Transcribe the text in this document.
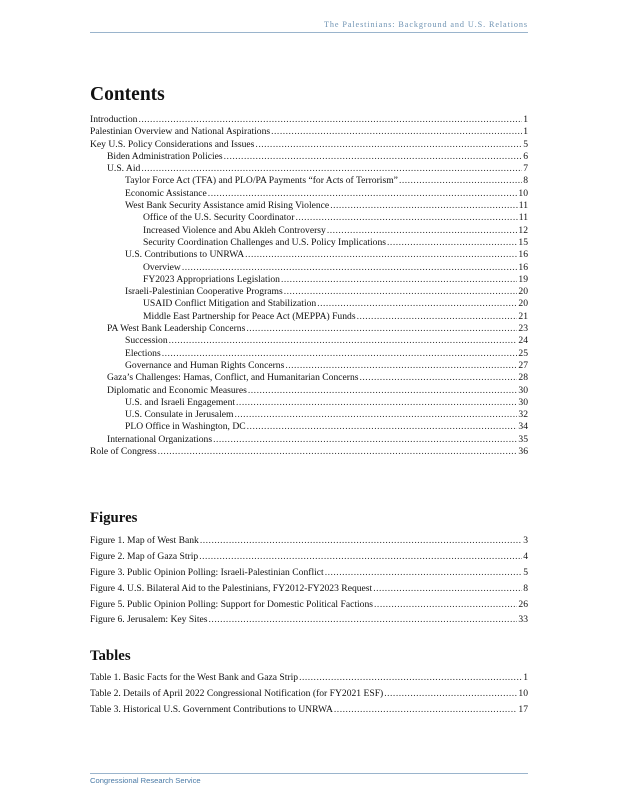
The Palestinians: Background and U.S. Relations
Contents
Introduction .....	1
Palestinian Overview and National Aspirations .....	1
Key U.S. Policy Considerations and Issues .....	5
Biden Administration Policies .....	6
U.S. Aid .....	7
Taylor Force Act (TFA) and PLO/PA Payments “for Acts of Terrorism” .....	8
Economic Assistance .....	10
West Bank Security Assistance amid Rising Violence .....	11
Office of the U.S. Security Coordinator .....	11
Increased Violence and Abu Akleh Controversy .....	12
Security Coordination Challenges and U.S. Policy Implications .....	15
U.S. Contributions to UNRWA .....	16
Overview .....	16
FY2023 Appropriations Legislation .....	19
Israeli-Palestinian Cooperative Programs .....	20
USAID Conflict Mitigation and Stabilization .....	20
Middle East Partnership for Peace Act (MEPPA) Funds .....	21
PA West Bank Leadership Concerns .....	23
Succession .....	24
Elections .....	25
Governance and Human Rights Concerns .....	27
Gaza’s Challenges: Hamas, Conflict, and Humanitarian Concerns .....	28
Diplomatic and Economic Measures .....	30
U.S. and Israeli Engagement .....	30
U.S. Consulate in Jerusalem .....	32
PLO Office in Washington, DC .....	34
International Organizations .....	35
Role of Congress .....	36
Figures
Figure 1. Map of West Bank .....	3
Figure 2. Map of Gaza Strip .....	4
Figure 3. Public Opinion Polling: Israeli-Palestinian Conflict .....	5
Figure 4. U.S. Bilateral Aid to the Palestinians, FY2012-FY2023 Request .....	8
Figure 5. Public Opinion Polling: Support for Domestic Political Factions .....	26
Figure 6. Jerusalem: Key Sites .....	33
Tables
Table 1. Basic Facts for the West Bank and Gaza Strip .....	1
Table 2. Details of April 2022 Congressional Notification (for FY2021 ESF) .....	10
Table 3. Historical U.S. Government Contributions to UNRWA .....	17
Congressional Research Service
